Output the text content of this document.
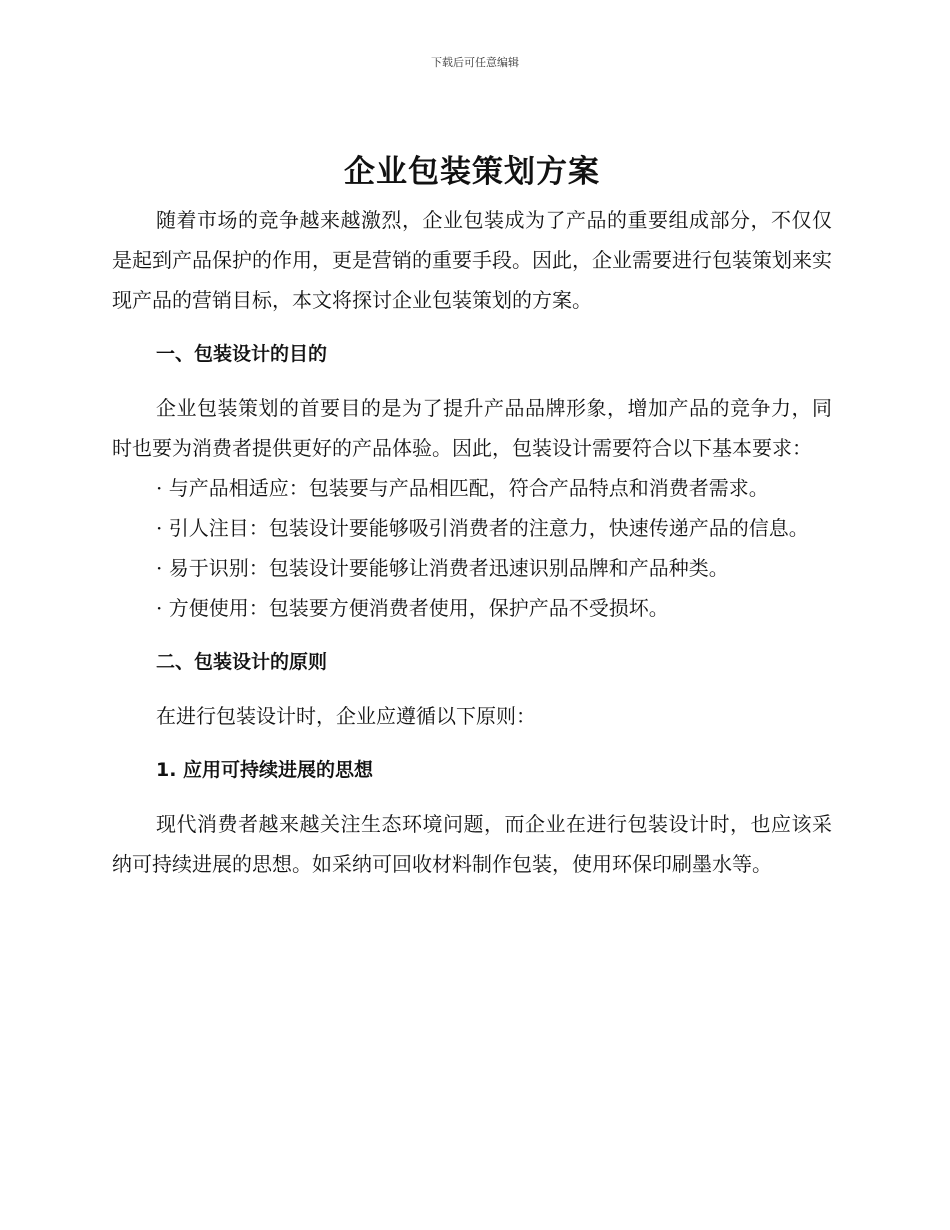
下载后可任意编辑
企业包装策划方案

随着市场的竞争越来越激烈，企业包装成为了产品的重要组成部分，不仅仅是起到产品保护的作用，更是营销的重要手段。因此，企业需要进行包装策划来实现产品的营销目标，本文将探讨企业包装策划的方案。

一、包装设计的目的

企业包装策划的首要目的是为了提升产品品牌形象，增加产品的竞争力，同时也要为消费者提供更好的产品体验。因此，包装设计需要符合以下基本要求：

· 与产品相适应：包装要与产品相匹配，符合产品特点和消费者需求。

· 引人注目：包装设计要能够吸引消费者的注意力，快速传递产品的信息。

· 易于识别：包装设计要能够让消费者迅速识别品牌和产品种类。

· 方便使用：包装要方便消费者使用，保护产品不受损坏。

二、包装设计的原则

在进行包装设计时，企业应遵循以下原则：

1. 应用可持续进展的思想

现代消费者越来越关注生态环境问题，而企业在进行包装设计时，也应该采纳可持续进展的思想。如采纳可回收材料制作包装，使用环保印刷墨水等。
